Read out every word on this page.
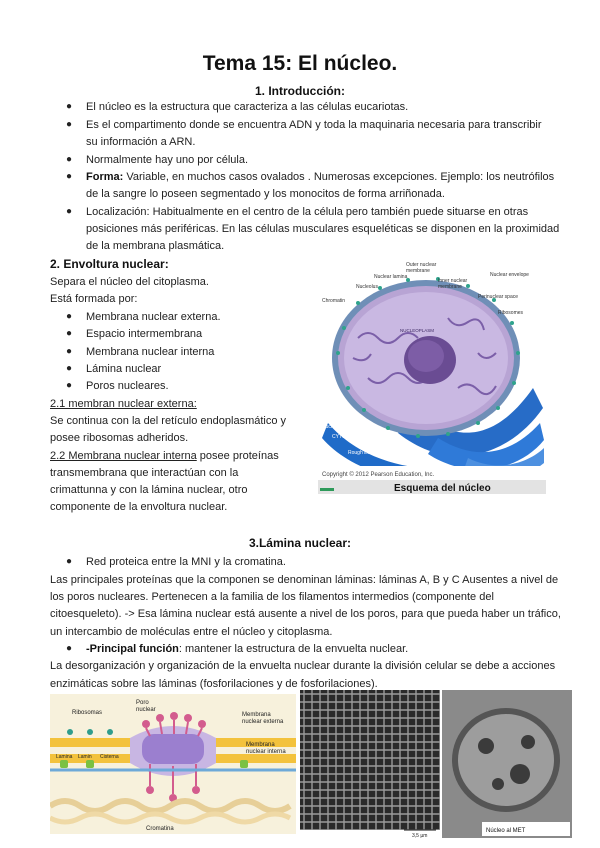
Tema 15: El núcleo.
1. Introducción:
● El núcleo es la estructura que caracteriza a las células eucariotas.
● Es el compartimento donde se encuentra ADN y toda la maquinaria necesaria para transcribir
su información a ARN.
● Normalmente hay uno por célula.
● Forma: Variable, en muchos casos ovalados . Numerosas excepciones. Ejemplo: los neutrófilos
de la sangre lo poseen segmentado y los monocitos de forma arriñonada.
● Localización: Habitualmente en el centro de la célula pero también puede situarse en otras
posiciones más periféricas. En las células musculares esqueléticas se disponen en la proximidad
de la membrana plasmática.
2. Envoltura nuclear:
Separa el núcleo del citoplasma.
Está formada por:
● Membrana nuclear externa.
● Espacio intermembrana
● Membrana nuclear interna
● Lámina nuclear
● Poros nucleares.
2.1 membran nuclear externa:
Se continua con la del retículo endoplasmático y
posee ribosomas adheridos.
2.2 Membrana nuclear interna posee proteínas
transmembrana que interactúan con la
crimattunna y con la lámina nuclear, otro
componente de la envoltura nuclear.
Outer nuclear
membrane
Nuclear envelope
Nuclear lamina
Inner nuclear
membrane
Perinuclear space
Chromatin
Nucleolus
Ribosomes
NUCLEOPLASM
Nuclear pores
CYTOSOL
Rough ER
Copyright © 2012 Pearson Education, Inc.
Esquema del núcleo
3.Lámina nuclear:
● Red proteica entre la MNI y la cromatina.
Las principales proteínas que la componen se denominan láminas: láminas A, B y C Ausentes a nivel de
los poros nucleares. Pertenecen a la familia de los filamentos intermedios (componente del
citoesqueleto). -> Esa lámina nuclear está ausente a nivel de los poros, para que pueda haber un tráfico,
un intercambio de moléculas entre el núcleo y citoplasma.
● -Principal función: mantener la estructura de la envuelta nuclear.
La desorganización y organización de la envuelta nuclear durante la división celular se debe a acciones
enzimáticas sobre las láminas (fosforilaciones y de fosforilaciones).
Ribosomas
Poro
nuclear
Membrana
nuclear externa
Membrana
nuclear interna
Lamina Lamin
Cromatina
Cisterna
3,5 µm
Núcleo al MET
